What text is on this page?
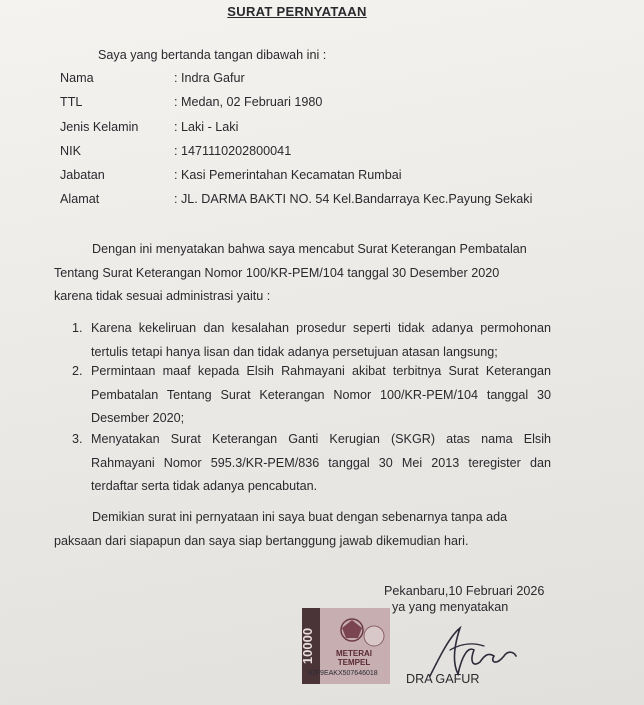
SURAT PERNYATAAN
Saya yang bertanda tangan dibawah ini :
Nama	: Indra Gafur
TTL	: Medan, 02 Februari 1980
Jenis Kelamin	: Laki - Laki
NIK	: 1471110202800041
Jabatan	: Kasi Pemerintahan Kecamatan Rumbai
Alamat	: JL. DARMA BAKTI NO. 54 Kel.Bandarraya Kec.Payung Sekaki
Dengan ini menyatakan bahwa saya mencabut Surat Keterangan Pembatalan
Tentang Surat Keterangan Nomor 100/KR-PEM/104 tanggal 30 Desember 2020
karena tidak sesuai administrasi yaitu :
1. Karena kekeliruan dan kesalahan prosedur seperti tidak adanya permohonan tertulis tetapi hanya lisan dan tidak adanya persetujuan atasan langsung;
2. Permintaan maaf kepada Elsih Rahmayani akibat terbitnya Surat Keterangan Pembatalan Tentang Surat Keterangan Nomor 100/KR-PEM/104 tanggal 30 Desember 2020;
3. Menyatakan Surat Keterangan Ganti Kerugian (SKGR) atas nama Elsih Rahmayani Nomor 595.3/KR-PEM/836 tanggal 30 Mei 2013 teregister dan terdaftar serta tidak adanya pencabutan.
Demikian surat ini pernyataan ini saya buat dengan sebenarnya tanpa ada
paksaan dari siapapun dan saya siap bertanggung jawab dikemudian hari.
Pekanbaru,10 Februari 2026
ya yang menyatakan
10000	METERAI
TEMPEL
97F9EAKX507646018 DRA GAFUR
